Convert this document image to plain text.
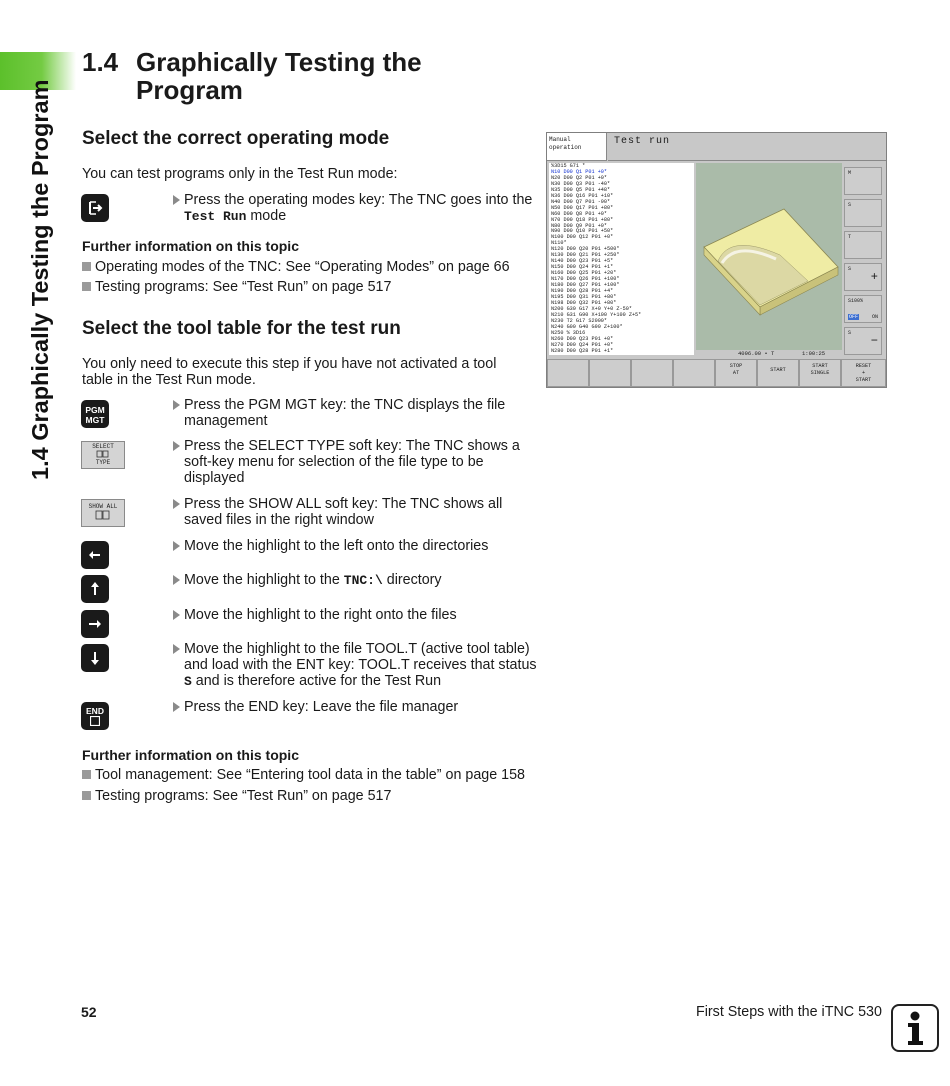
1.4 Graphically Testing the Program
1.4 Graphically Testing the
Program
Select the correct operating mode
You can test programs only in the Test Run mode:
Press the operating modes key: The TNC goes into the Test Run mode
Further information on this topic
Operating modes of the TNC: See “Operating Modes” on page 66
Testing programs: See “Test Run” on page 517
Select the tool table for the test run
You only need to execute this step if you have not activated a tool table in the Test Run mode.
PGM
MGT
SELECT
TYPE
SHOW ALL
END
Press the PGM MGT key: the TNC displays the file management
Press the SELECT TYPE soft key: The TNC shows a soft-key menu for selection of the file type to be displayed
Press the SHOW ALL soft key: The TNC shows all saved files in the right window
Move the highlight to the left onto the directories
Move the highlight to the TNC:\ directory
Move the highlight to the right onto the files
Move the highlight to the file TOOL.T (active tool table) and load with the ENT key: TOOL.T receives that status S and is therefore active for the Test Run
Press the END key: Leave the file manager
Further information on this topic
Tool management: See “Entering tool data in the table” on page 158
Testing programs: See “Test Run” on page 517
Manual
operation
Test run
%3D15 G71 *
N10 D00 Q1 P01 +0*
N20 D00 Q2 P01 +0*
N30 D00 Q3 P01 -40*
N35 D00 Q5 P01 +48*
N36 D00 Q16 P01 +10*
N40 D00 Q7 P01 -90*
N50 D00 Q17 P01 +80*
N60 D00 Q8 P01 +0*
N70 D00 Q18 P01 +80*
N80 D00 Q9 P01 +0*
N90 D00 Q10 P01 +50*
N100 D00 Q12 P01 +0*
N110*
N120 D00 Q20 P01 +500*
N130 D00 Q21 P01 +250*
N140 D00 Q23 P01 +5*
N150 D00 Q24 P01 +1*
N160 D00 Q25 P01 +20*
N170 D00 Q26 P01 +100*
N180 D00 Q27 P01 +100*
N190 D00 Q28 P01 +4*
N195 D00 Q31 P01 +80*
N198 D00 Q32 P01 +80*
N200 G30 G17 X+0 Y+0 Z-50*
N210 G31 G90 X+100 Y+100 Z+5*
N230 T2 G17 S2000*
N240 G00 G40 G90 Z+100*
N250 % 3D16
N260 D00 Q23 P01 +0*
N270 D00 Q24 P01 +0*
N280 D00 Q28 P01 +1*	4096.00 • T	1:00:25
M
S
T
S
+
S100%
OFF	ON
S
−
STOP
AT	START
START
SINGLE
RESET
+
START
52	First Steps with the iTNC 530
